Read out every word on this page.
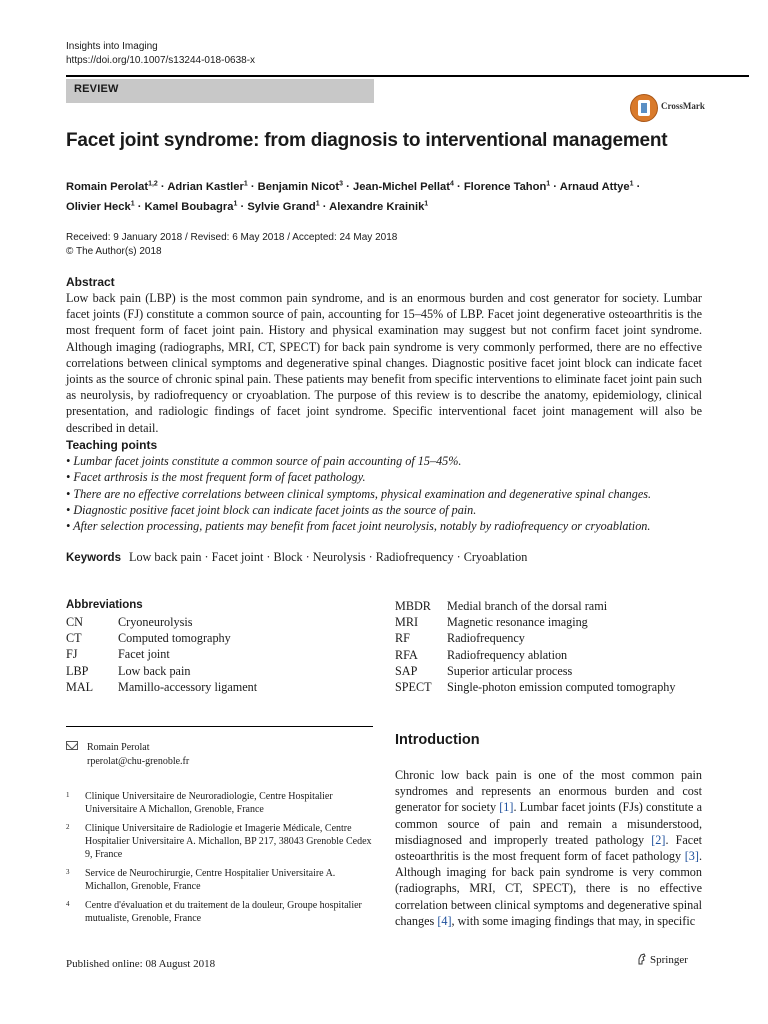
Insights into Imaging
https://doi.org/10.1007/s13244-018-0638-x
REVIEW
CrossMark
Facet joint syndrome: from diagnosis to interventional management
Romain Perolat$^{1,2}$ · Adrian Kastler$^1$ · Benjamin Nicot$^3$ · Jean-Michel Pellat$^4$ · Florence Tahon$^1$ · Arnaud Attye$^1$ ·
Olivier Heck$^1$ · Kamel Boubagra$^1$ · Sylvie Grand$^1$ · Alexandre Krainik$^1$
Received: 9 January 2018 / Revised: 6 May 2018 / Accepted: 24 May 2018
© The Author(s) 2018
Abstract
Low back pain (LBP) is the most common pain syndrome, and is an enormous burden and cost generator for society. Lumbar facet joints (FJ) constitute a common source of pain, accounting for 15–45% of LBP. Facet joint degenerative osteoarthritis is the most frequent form of facet joint pain. History and physical examination may suggest but not confirm facet joint syndrome. Although imaging (radiographs, MRI, CT, SPECT) for back pain syndrome is very commonly performed, there are no effective correlations between clinical symptoms and degenerative spinal changes. Diagnostic positive facet joint block can indicate facet joints as the source of chronic spinal pain. These patients may benefit from specific interventions to eliminate facet joint pain such as neurolysis, by radiofrequency or cryoablation. The purpose of this review is to describe the anatomy, epidemiology, clinical presentation, and radiologic findings of facet joint syndrome. Specific interventional facet joint management will also be described in detail.
Teaching points
• Lumbar facet joints constitute a common source of pain accounting of 15–45%.
• Facet arthrosis is the most frequent form of facet pathology.
• There are no effective correlations between clinical symptoms, physical examination and degenerative spinal changes.
• Diagnostic positive facet joint block can indicate facet joints as the source of pain.
• After selection processing, patients may benefit from facet joint neurolysis, notably by radiofrequency or cryoablation.
Keywords Low back pain · Facet joint · Block · Neurolysis · Radiofrequency · Cryoablation
Abbreviations
CN	Cryoneurolysis
CT	Computed tomography
FJ	Facet joint
LBP	Low back pain
MAL	Mamillo-accessory ligament
MBDR	Medial branch of the dorsal rami
MRI	Magnetic resonance imaging
RF	Radiofrequency
RFA	Radiofrequency ablation
SAP	Superior articular process
SPECT	Single-photon emission computed tomography
Romain Perolat
rperolat@chu-grenoble.fr
1	Clinique Universitaire de Neuroradiologie, Centre Hospitalier Universitaire A Michallon, Grenoble, France
2	Clinique Universitaire de Radiologie et Imagerie Médicale, Centre Hospitalier Universitaire A. Michallon, BP 217, 38043 Grenoble Cedex 9, France
3	Service de Neurochirurgie, Centre Hospitalier Universitaire A. Michallon, Grenoble, France
4	Centre d'évaluation et du traitement de la douleur, Groupe hospitalier mutualiste, Grenoble, France
Introduction
Chronic low back pain is one of the most common pain syndromes and represents an enormous burden and cost generator for society [1]. Lumbar facet joints (FJs) constitute a common source of pain and remain a misunderstood, misdiagnosed and improperly treated pathology [2]. Facet osteoarthritis is the most frequent form of facet pathology [3]. Although imaging for back pain syndrome is very common (radiographs, MRI, CT, SPECT), there is no effective correlation between clinical symptoms and degenerative spinal changes [4], with some imaging findings that may, in specific
Published online: 08 August 2018	Springer
